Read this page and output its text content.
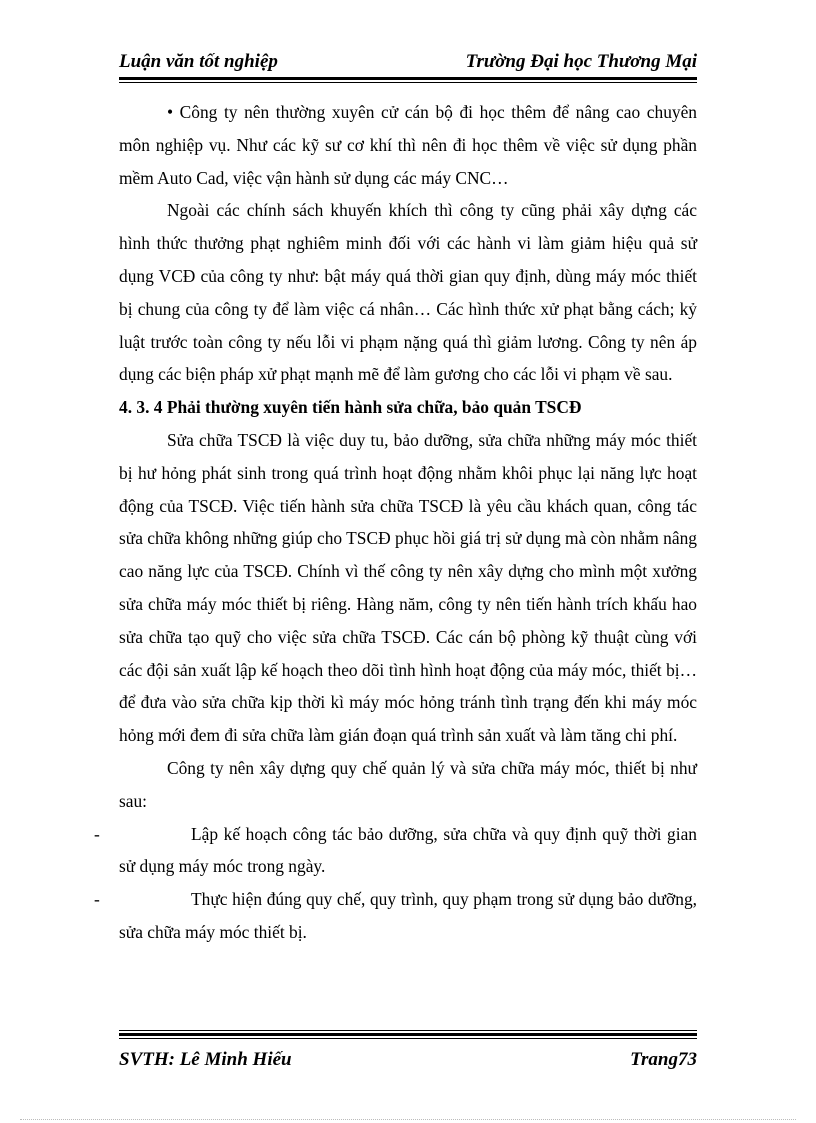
Luận văn tốt nghiệp	Trường Đại học Thương Mại

• Công ty nên thường xuyên cử cán bộ đi học thêm để nâng cao chuyên môn nghiệp vụ. Như các kỹ sư cơ khí thì nên đi học thêm về việc sử dụng phần mềm Auto Cad, việc vận hành sử dụng các máy CNC…

Ngoài các chính sách khuyến khích thì công ty cũng phải xây dựng các hình thức thưởng phạt nghiêm minh đối với các hành vi làm giảm hiệu quả sử dụng VCĐ của công ty như: bật máy quá thời gian quy định, dùng máy móc thiết bị chung của công ty để làm việc cá nhân… Các hình thức xử phạt bằng cách; kỷ luật trước toàn công ty nếu lỗi vi phạm nặng quá thì giảm lương. Công ty nên áp dụng các biện pháp xử phạt mạnh mẽ để làm gương cho các lỗi vi phạm về sau.

4. 3. 4 Phải thường xuyên tiến hành sửa chữa, bảo quản TSCĐ

Sửa chữa TSCĐ là việc duy tu, bảo dưỡng, sửa chữa những máy móc thiết bị hư hỏng phát sinh trong quá trình hoạt động nhằm khôi phục lại năng lực hoạt động của TSCĐ. Việc tiến hành sửa chữa TSCĐ là yêu cầu khách quan, công tác sửa chữa không những giúp cho TSCĐ phục hồi giá trị sử dụng mà còn nhằm nâng cao năng lực của TSCĐ. Chính vì thế công ty nên xây dựng cho mình một xưởng sửa chữa máy móc thiết bị riêng. Hàng năm, công ty nên tiến hành trích khấu hao sửa chữa tạo quỹ cho việc sửa chữa TSCĐ. Các cán bộ phòng kỹ thuật cùng với các đội sản xuất lập kế hoạch theo dõi tình hình hoạt động của máy móc, thiết bị… để đưa vào sửa chữa kịp thời kì máy móc hỏng tránh tình trạng đến khi máy móc hỏng mới đem đi sửa chữa làm gián đoạn quá trình sản xuất và làm tăng chi phí.

Công ty nên xây dựng quy chế quản lý và sửa chữa máy móc, thiết bị như sau:

-	Lập kế hoạch công tác bảo dưỡng, sửa chữa và quy định quỹ thời gian sử dụng máy móc trong ngày.

-	Thực hiện đúng quy chế, quy trình, quy phạm trong sử dụng bảo dưỡng, sửa chữa máy móc thiết bị.

SVTH: Lê Minh Hiếu	Trang73
